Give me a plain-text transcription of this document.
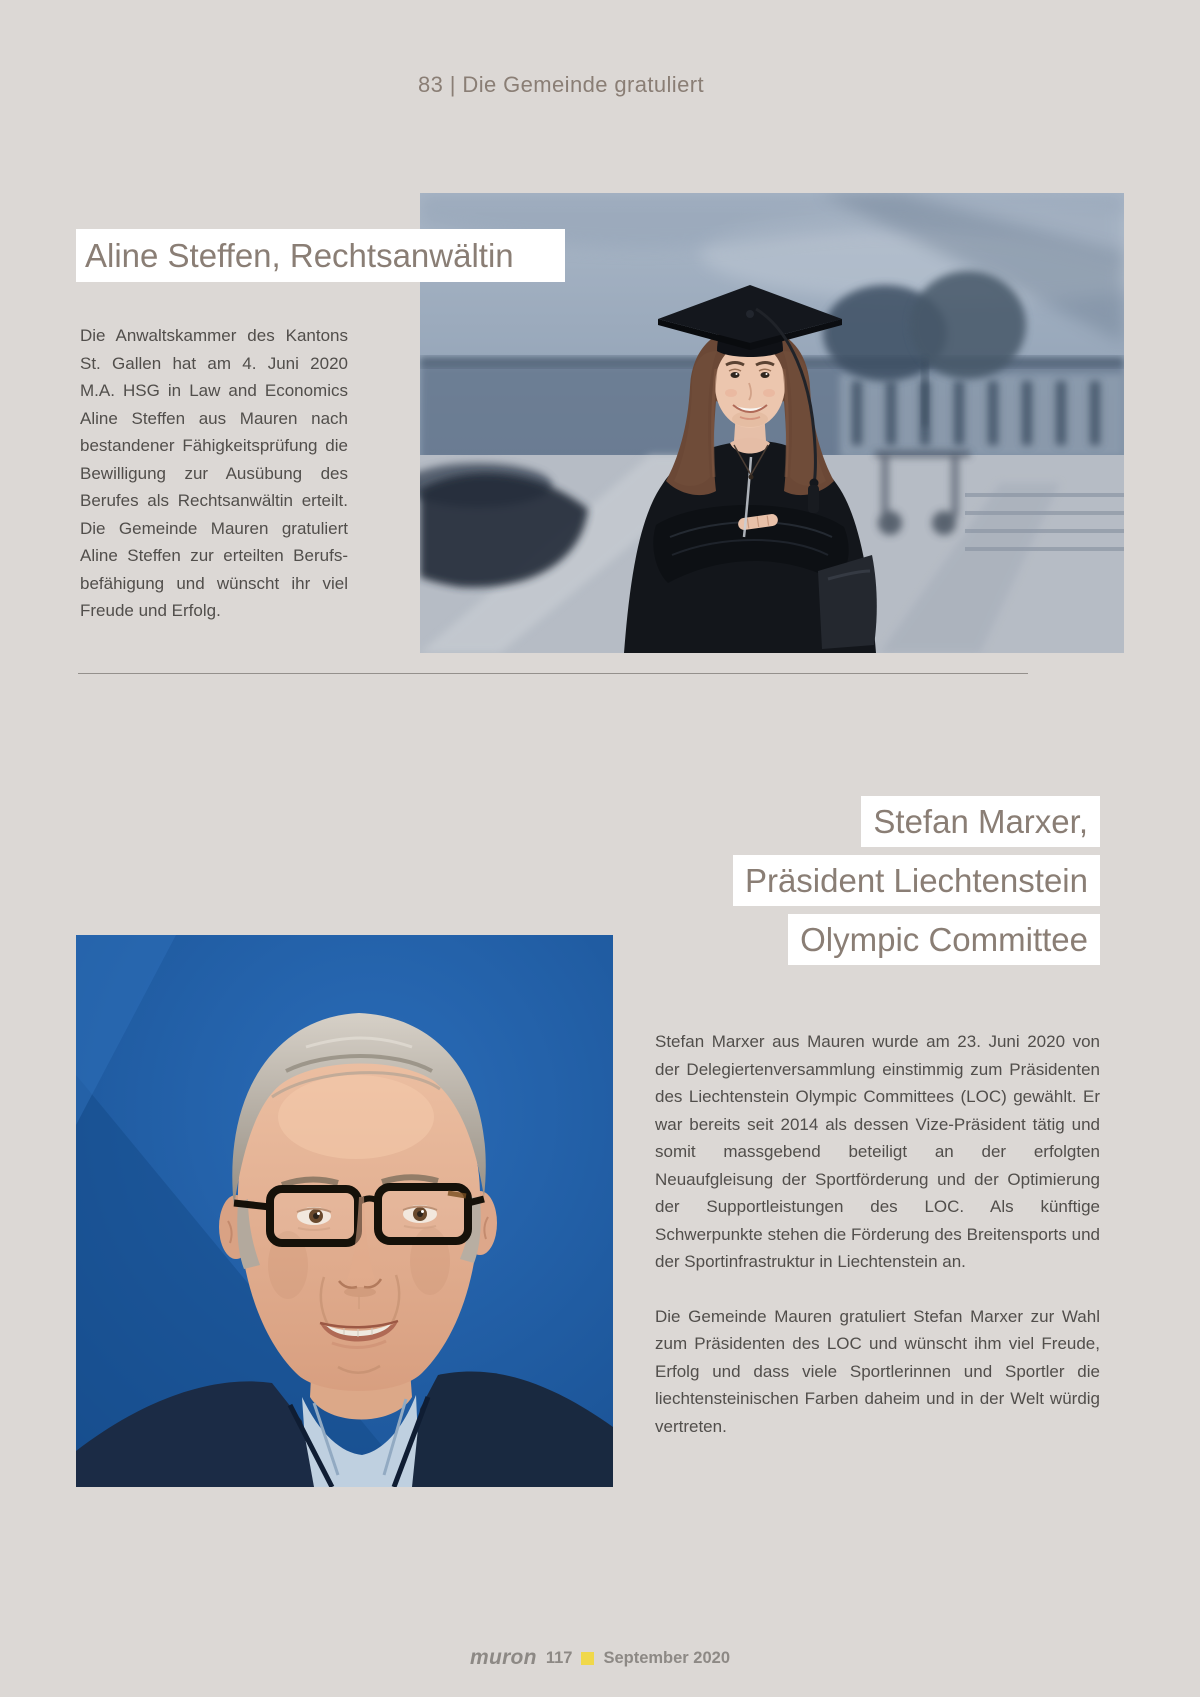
83 | Die Gemeinde gratuliert
Aline Steffen, Rechtsanwältin
Die Anwaltskammer des Kantons St. Gallen hat am 4. Juni 2020 M.A. HSG in Law and Economics Aline Steffen aus Mauren nach bestandener Fähigkeitsprüfung die Bewilligung zur Ausübung des Berufes als Rechtsanwältin erteilt. Die Gemeinde Mauren gratuliert Aline Steffen zur erteilten Berufsbefähigung und wünscht ihr viel Freude und Erfolg.
Stefan Marxer,
Präsident Liechtenstein
Olympic Committee

Stefan Marxer aus Mauren wurde am 23. Juni 2020 von der Delegiertenversammlung einstimmig zum Präsidenten des Liechtenstein Olympic Committees (LOC) gewählt. Er war bereits seit 2014 als dessen Vize-Präsident tätig und somit massgebend beteiligt an der erfolgten Neuaufgleisung der Sportförderung und der Optimierung der Supportleistungen des LOC. Als künftige Schwerpunkte stehen die Förderung des Breitensports und der Sportinfrastruktur in Liechtenstein an.

Die Gemeinde Mauren gratuliert Stefan Marxer zur Wahl zum Präsidenten des LOC und wünscht ihm viel Freude, Erfolg und dass viele Sportlerinnen und Sportler die liechtensteinischen Farben daheim und in der Welt würdig vertreten.

muron 117 September 2020
